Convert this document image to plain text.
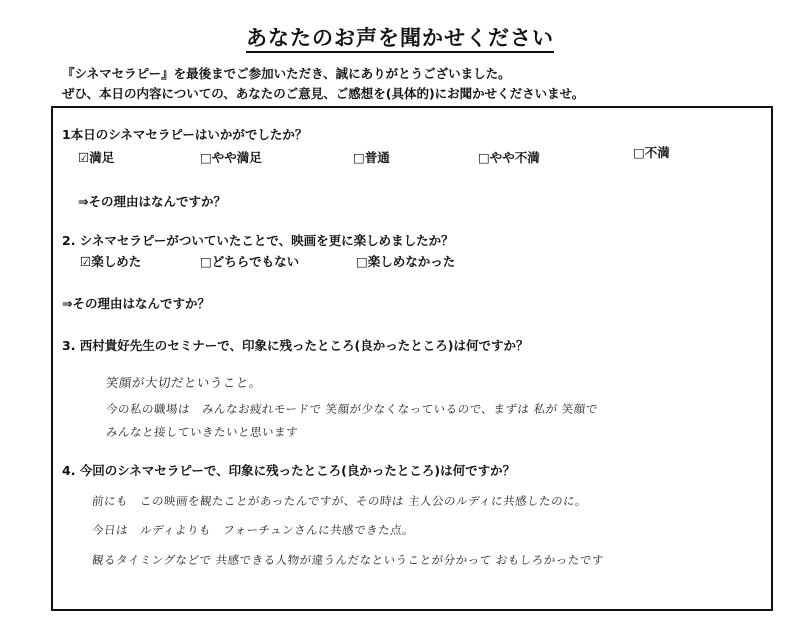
あなたのお声を聞かせください
『シネマセラピー』を最後までご参加いただき、誠にありがとうございました。
ぜひ、本日の内容についての、あなたのご意見、ご感想を(具体的)にお聞かせくださいませ。
1本日のシネマセラピーはいかがでしたか？
☑満足	□やや満足	□普通	□やや不満	□不満
⇒その理由はなんですか？
2. シネマセラピーがついていたことで、映画を更に楽しめましたか？
☑楽しめた	□どちらでもない	□楽しめなかった
⇒その理由はなんですか？
3. 西村貴好先生のセミナーで、印象に残ったところ(良かったところ)は何ですか？
笑顔が大切だということ。
今の私の職場は　みんなお疲れモードで 笑顔が少なくなっているので、まずは 私が 笑顔で
みんなと接していきたいと思います
4. 今回のシネマセラピーで、印象に残ったところ(良かったところ)は何ですか？
前にも　この映画を観たことがあったんですが、その時は 主人公のルディに共感したのに。
今日は　ルディよりも　フォーチュンさんに共感できた点。
観るタイミングなどで 共感できる人物が違うんだなということが分かって おもしろかったです
